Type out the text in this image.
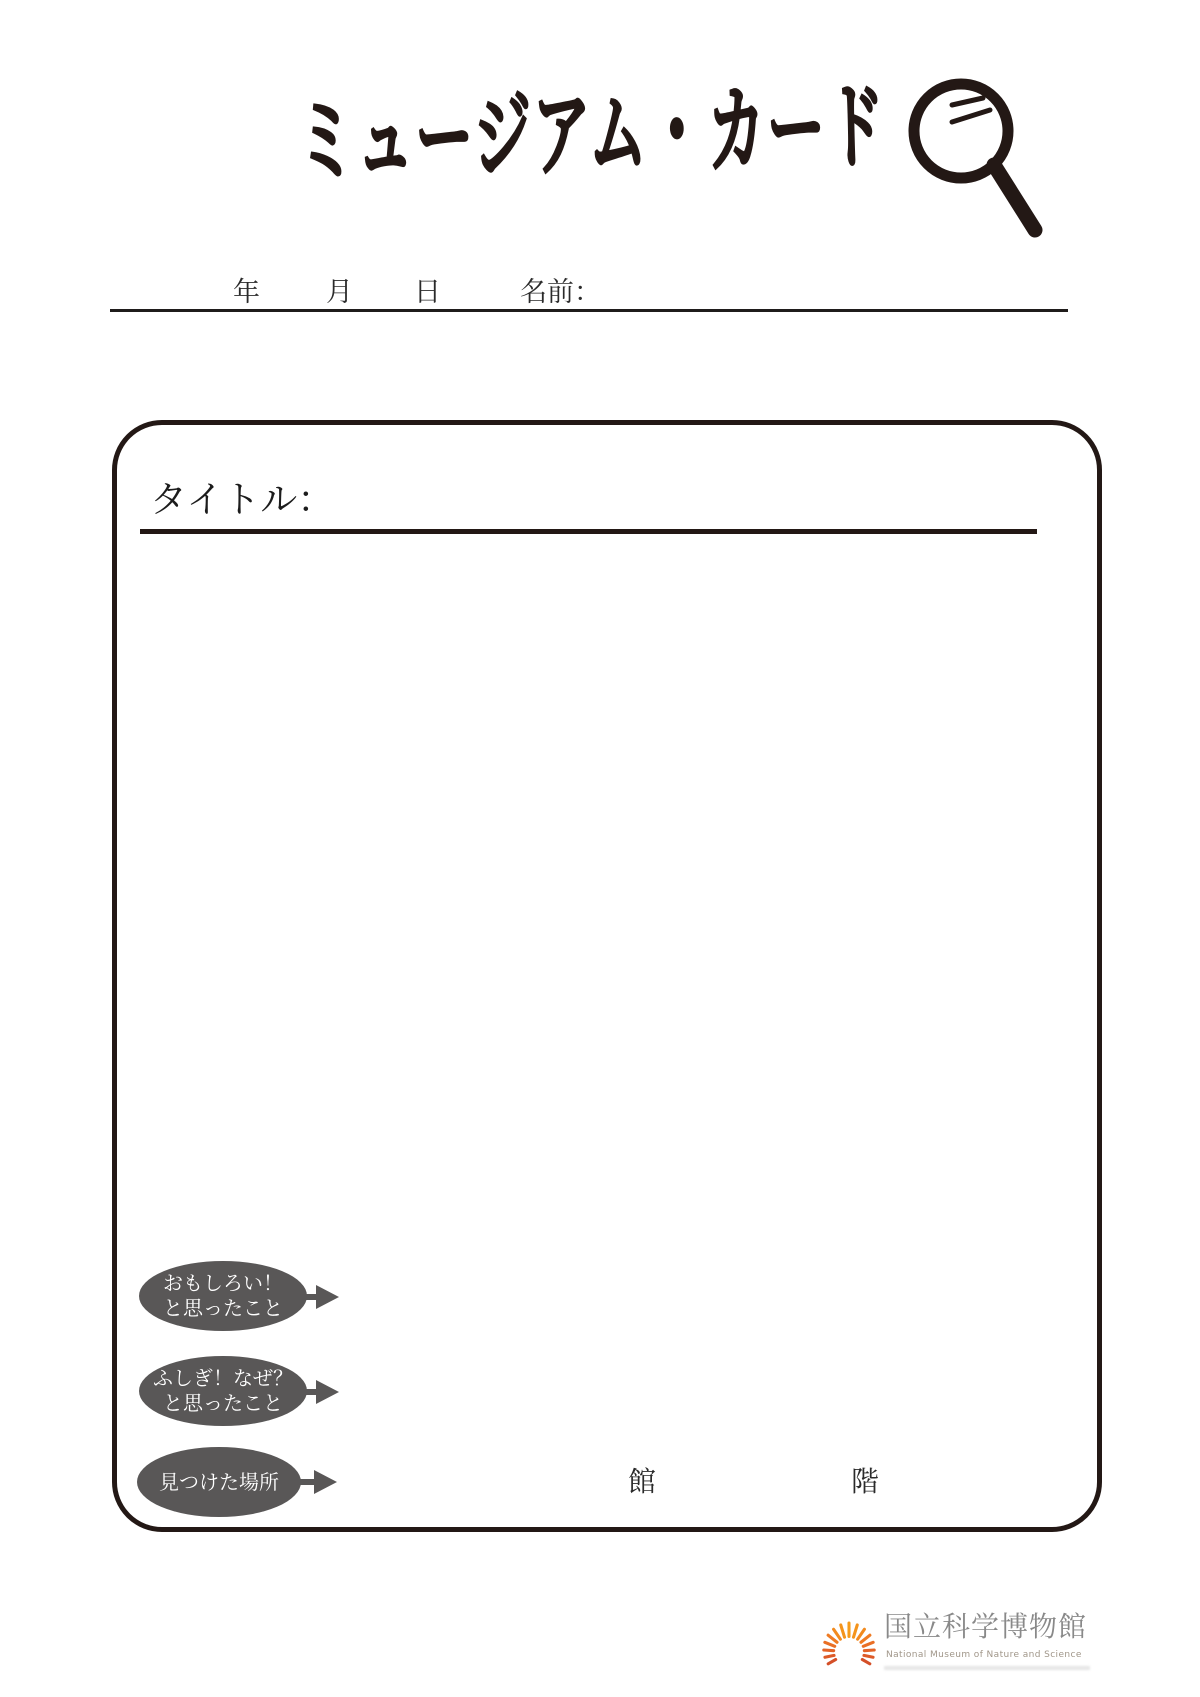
ミュージアム・カード
年 月 日	名前：
タイトル：
おもしろい！
と思ったこと
ふしぎ！なぜ？
と思ったこと
見つけた場所	館	階
国立科学博物館
National Museum of Nature and Science
